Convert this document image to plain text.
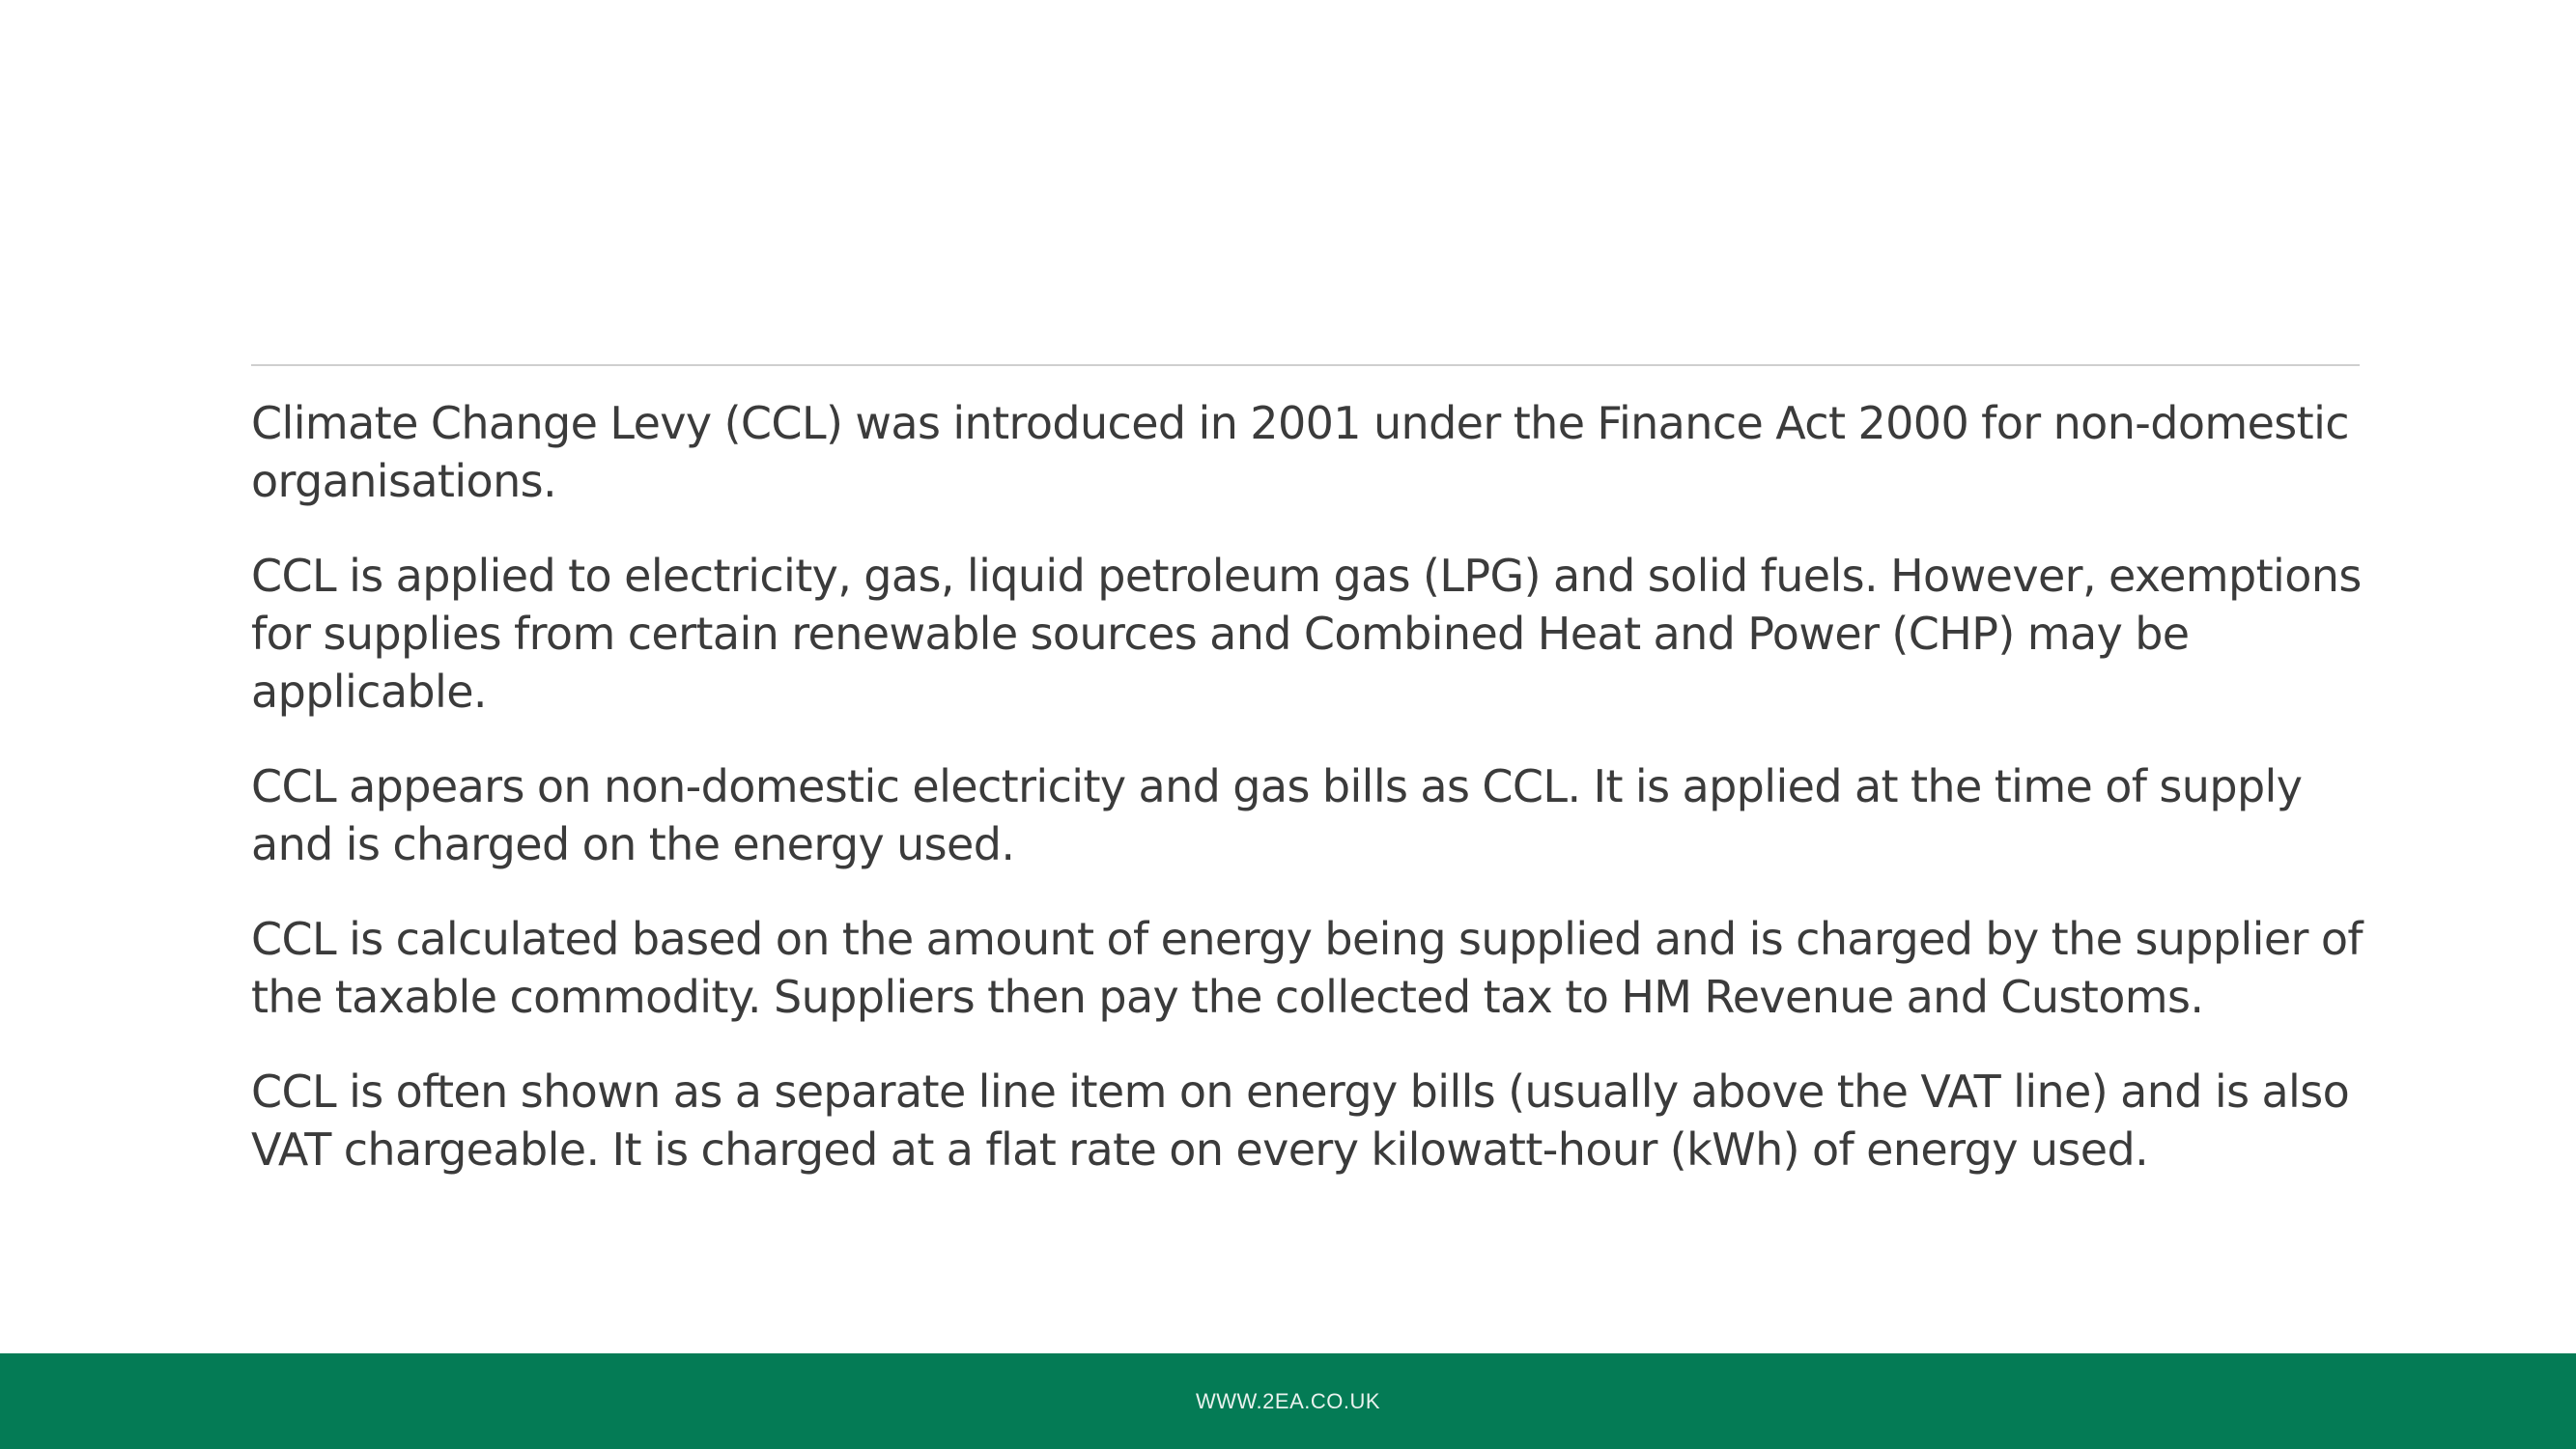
Climate Change Levy (CCL) was introduced in 2001 under the Finance Act 2000 for non-domestic organisations.

CCL is applied to electricity, gas, liquid petroleum gas (LPG) and solid fuels. However, exemptions for supplies from certain renewable sources and Combined Heat and Power (CHP) may be applicable.

CCL appears on non-domestic electricity and gas bills as CCL. It is applied at the time of supply and is charged on the energy used.

CCL is calculated based on the amount of energy being supplied and is charged by the supplier of the taxable commodity. Suppliers then pay the collected tax to HM Revenue and Customs.

CCL is often shown as a separate line item on energy bills (usually above the VAT line) and is also VAT chargeable. It is charged at a flat rate on every kilowatt-hour (kWh) of energy used.

WWW.2EA.CO.UK
